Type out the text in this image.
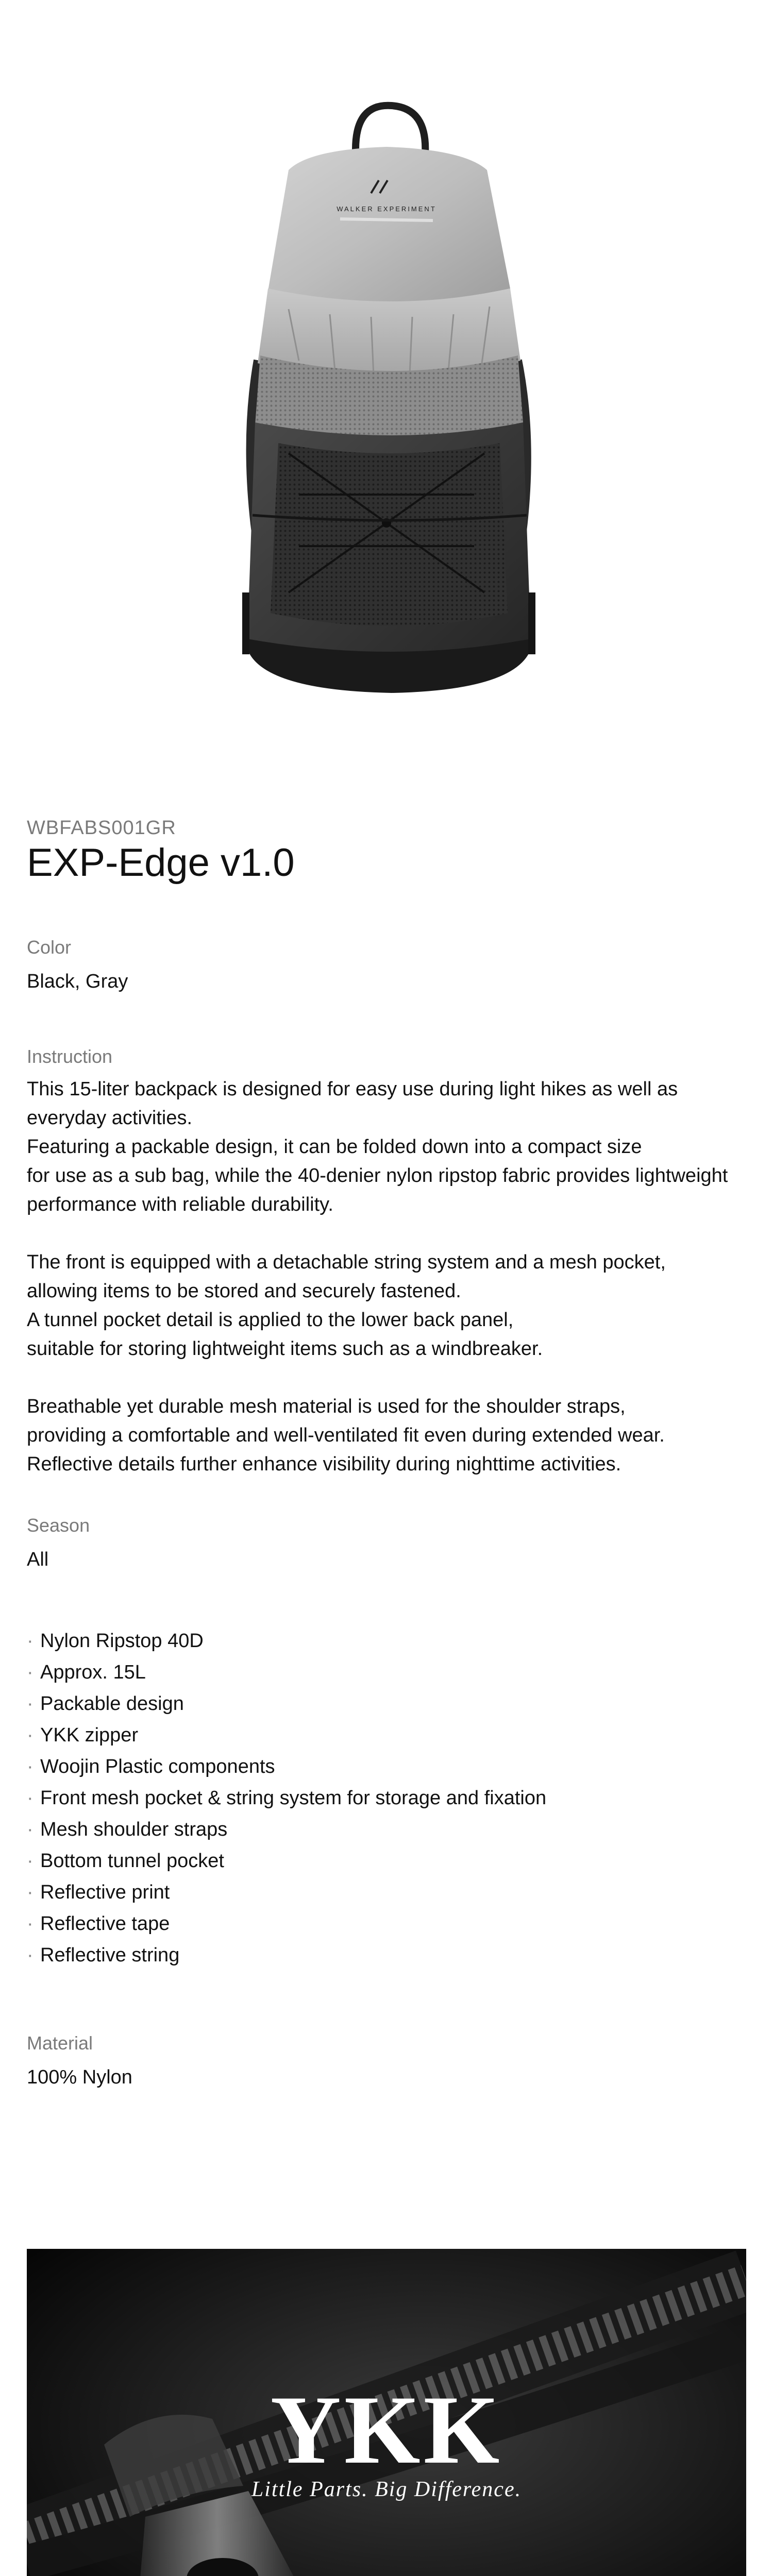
WALKER EXPERIMENT

WBFABS001GR

EXP-Edge v1.0

Color

Black, Gray

Instruction

This 15-liter backpack is designed for easy use during light hikes as well as

everyday activities.

Featuring a packable design, it can be folded down into a compact size

for use as a sub bag, while the 40-denier nylon ripstop fabric provides lightweight

performance with reliable durability.

The front is equipped with a detachable string system and a mesh pocket,

allowing items to be stored and securely fastened.

A tunnel pocket detail is applied to the lower back panel,

suitable for storing lightweight items such as a windbreaker.

Breathable yet durable mesh material is used for the shoulder straps,

providing a comfortable and well-ventilated fit even during extended wear.

Reflective details further enhance visibility during nighttime activities.

Season

All

· Nylon Ripstop 40D
· Approx. 15L
· Packable design
· YKK zipper
· Woojin Plastic components
· Front mesh pocket & string system for storage and fixation
· Mesh shoulder straps
· Bottom tunnel pocket
· Reflective print
· Reflective tape
· Reflective string

Material

100% Nylon

YKK
Little Parts. Big Difference.
